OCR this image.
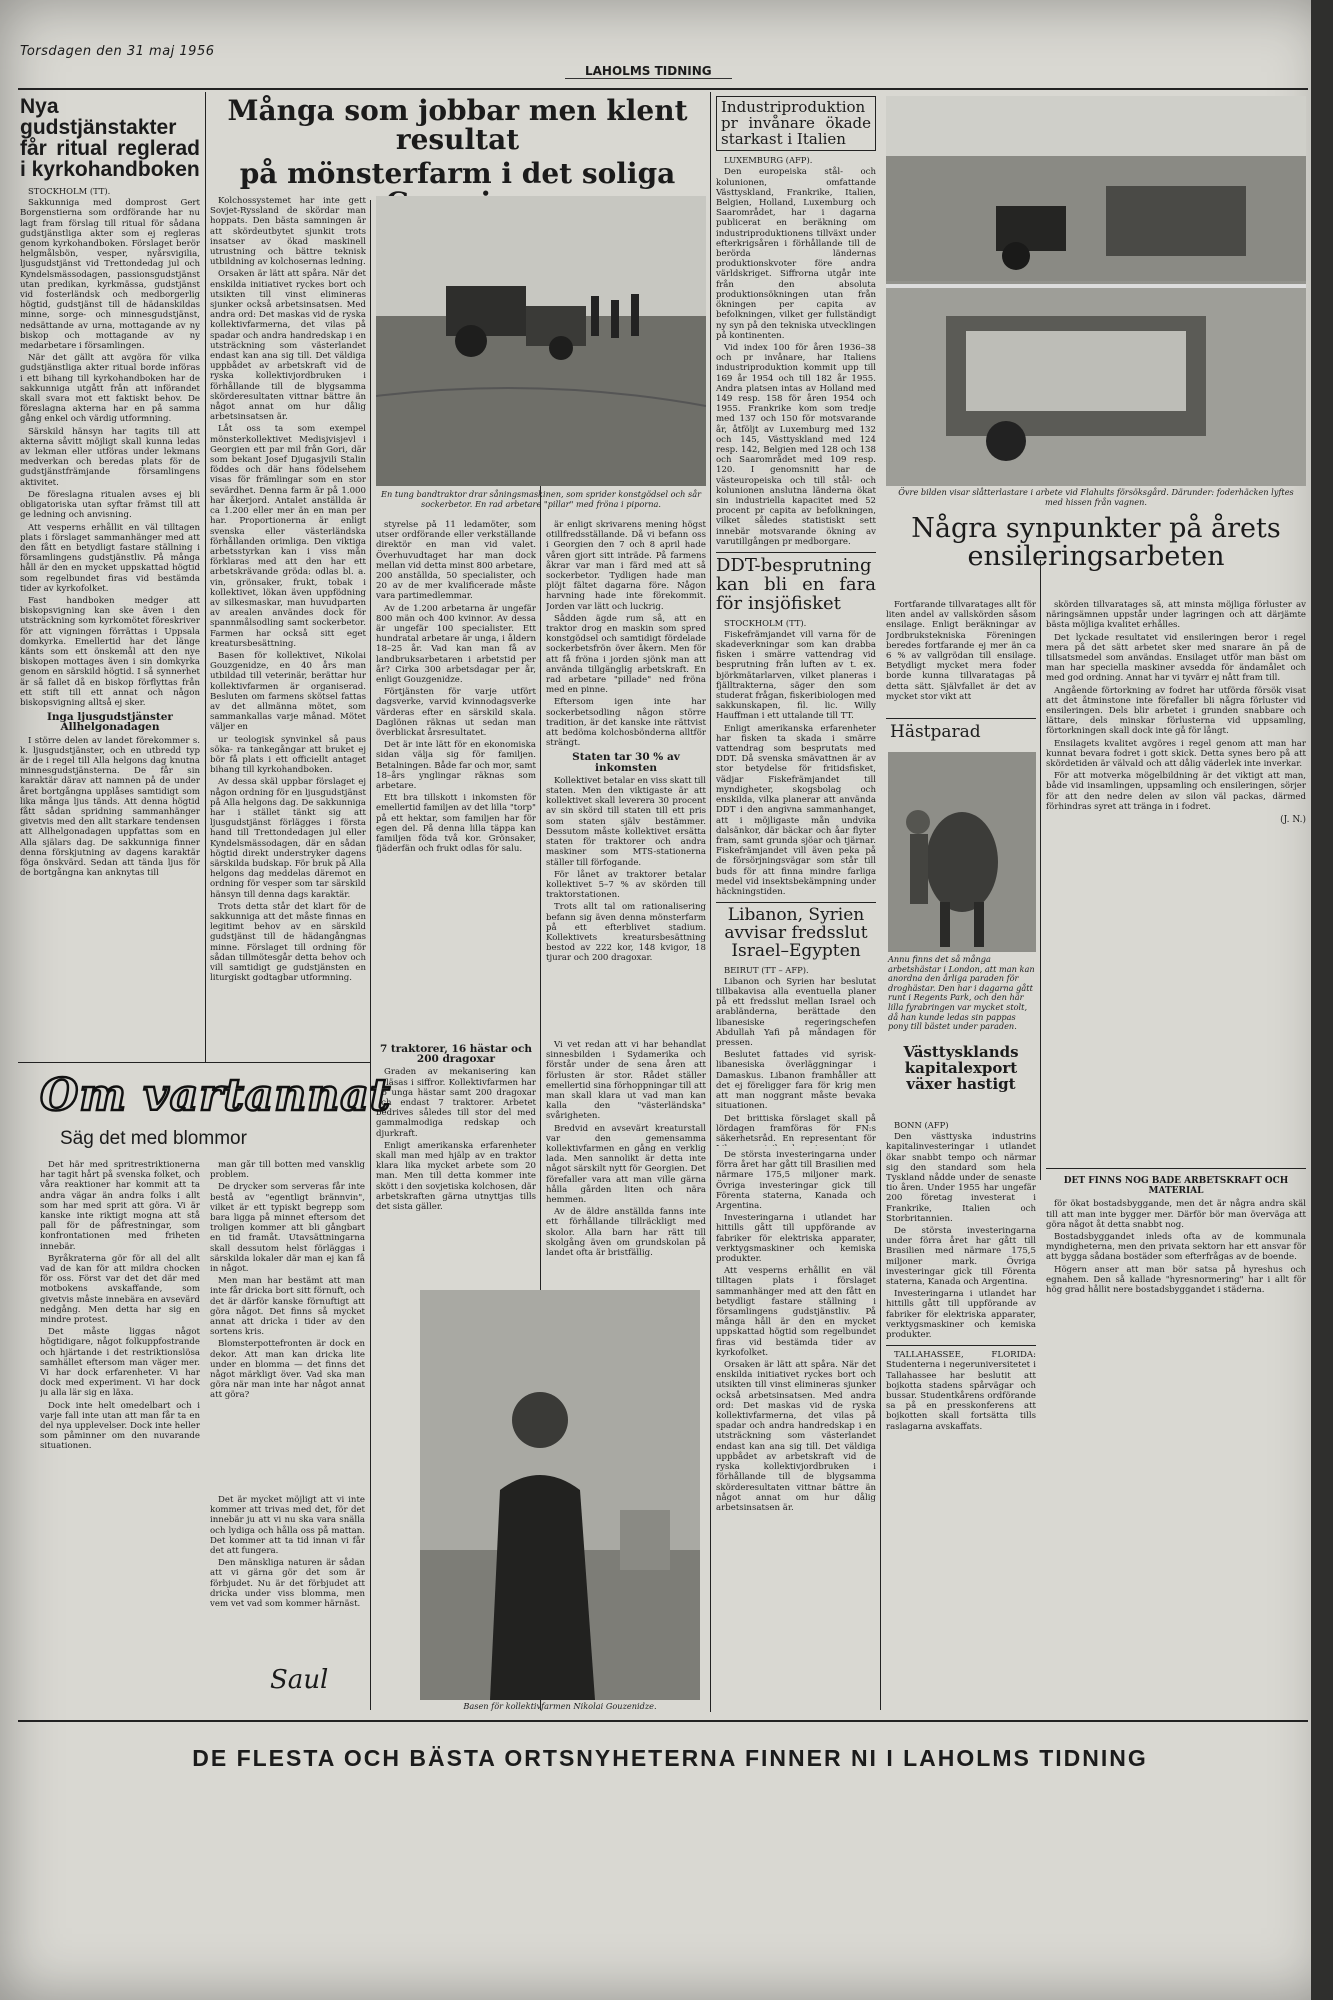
Torsdagen den 31 maj 1956
LAHOLMS TIDNING
Nya gudstjänstakter får ritual reglerad i kyrkohandboken
STOCKHOLM (TT).

Sakkunniga med domprost Gert Borgenstierna som ordförande har nu lagt fram förslag till ritual för sådana gudstjänstliga akter som ej regleras genom kyrkohandboken. Förslaget berör helgmålsbön, vesper, nyårsvigilia, ljusgudstjänst vid Trettondedag jul och Kyndelsmässodagen, passionsgudstjänst utan predikan, kyrkmässa, gudstjänst vid fosterländsk och medborgerlig högtid, gudstjänst till de hädanskildas minne, sorge- och minnesgudstjänst, nedsättande av urna, mottagande av ny biskop och mottagande av ny medarbetare i församlingen.

När det gällt att avgöra för vilka gudstjänstliga akter ritual borde införas i ett bihang till kyrkohandboken har de sakkunniga utgått från att införandet skall svara mot ett faktiskt behov. De föreslagna akterna har en på samma gång enkel och värdig utformning.

Särskild hänsyn har tagits till att akterna såvitt möjligt skall kunna ledas av lekman eller utföras under lekmans medverkan och beredas plats för de gudstjänstfrämjande församlingens aktivitet.

De föreslagna ritualen avses ej bli obligatoriska utan syftar främst till att ge ledning och anvisning.

Att vesperns erhållit en väl tilltagen plats i förslaget sammanhänger med att den fått en betydligt fastare ställning i församlingens gudstjänstliv. På många håll är den en mycket uppskattad högtid som regelbundet firas vid bestämda tider av kyrkofolket.

Fast handboken medger att biskopsvigning kan ske även i den utsträckning som kyrkomötet föreskriver för att vigningen förrättas i Uppsala domkyrka. Emellertid har det länge känts som ett önskemål att den nye biskopen mottages även i sin domkyrka genom en särskild högtid. I så synnerhet är så fallet då en biskop förflyttas från ett stift till ett annat och någon biskopsvigning alltså ej sker.

Inga ljusgudstjänster Allhelgonadagen

I större delen av landet förekommer s. k. ljusgudstjänster, och en utbredd typ är de i regel till Alla helgons dag knutna minnesgudstjänsterna. De får sin karaktär därav att namnen på de under året bortgångna upplåses samtidigt som lika många ljus tänds. Att denna högtid fått sådan spridning sammanhänger givetvis med den allt starkare tendensen att Allhelgonadagen uppfattas som en Alla själars dag. De sakkunniga finner denna förskjutning av dagens karaktär föga önskvärd. Sedan att tända ljus för de bortgångna kan anknytas till

Många som jobbar men klent resultat
på mönsterfarm i det soliga

Kolchossystemet har inte gett Sovjet-Ryssland de skördar man hoppats. Den bästa samningen är att skördeutbytet sjunkit trots insatser av ökad maskinell utrustning och bättre teknisk utbildning av kolchosernas ledning.

Orsaken är lätt att spåra. När det enskilda initiativet ryckes bort och utsikten till vinst elimineras sjunker också arbetsinsatsen. Med andra ord: Det maskas vid de ryska kollektivfarmerna, det vilas på spadar och andra handredskap i en utsträckning som västerlandet endast kan ana sig till. Det väldiga uppbådet av arbetskraft vid de ryska kollektivjordbruken i förhållande till de blygsamma skörderesultaten vittnar bättre än något annat om hur dålig arbetsinsatsen är.

Låt oss ta som exempel mönsterkollektivet Medisjvisjevl i Georgien ett par mil från Gori, där som bekant Josef Djugasjvili Stalin föddes och där hans födelsehem visas för främlingar som en stor sevärdhet. Denna farm är på 1.000 har åkerjord. Antalet anställda är ca 1.200 eller mer än en man per har. Proportionerna är enligt svenska eller västerländska förhållanden orimliga. Den viktiga arbetsstyrkan kan i viss mån förklaras med att den har ett arbetskrävande gröda: odlas bl. a. vin, grönsaker, frukt, tobak i kollektivet, lökan även uppfödning av silkesmaskar, man huvudparten av arealen användes dock för spannmålsodling samt sockerbetor. Farmen har också sitt eget kreatursbesättning.

Basen för kollektivet, Nikolai Gouzgenidze, en 40 års man utbildad till veterinär, berättar hur kollektivfarmen är organiserad. Besluten om farmens skötsel fattas av det allmänna mötet, som sammankallas varje månad. Mötet väljer en

ur teologisk synvinkel så paus söka- ra tankegångar att bruket ej bör få plats i ett officiellt antaget bihang till kyrkohandboken.

Av dessa skäl uppbar förslaget ej någon ordning för en ljusgudstjänst på Alla helgons dag. De sakkunniga har i stället tänkt sig att ljusgudstjänst förlägges i första hand till Trettondedagen jul eller Kyndelsmässodagen, där en sådan högtid direkt understryker dagens särskilda budskap. För bruk på Alla helgons dag meddelas däremot en ordning för vesper som tar särskild hänsyn till denna dags karaktär.

Trots detta står det klart för de sakkunniga att det måste finnas en legitimt behov av en särskild gudstjänst till de hädangångnas minne. Förslaget till ordning för sådan tillmötesgår detta behov och vill samtidigt ge gudstjänsten en liturgiskt godtagbar utformning.

En tung bandtraktor drar såningsmaskinen, som sprider konstgödsel och sår sockerbetor. En rad arbetare "pillar" med fröna i piporna.

styrelse på 11 ledamöter, som utser ordförande eller verkställande direktör en man vid valet. Överhuvudtaget har man dock mellan vid detta minst 800 arbetare, 200 anställda, 50 specialister, och 20 av de mer kvalificerade måste vara partimedlemmar.

Av de 1.200 arbetarna är ungefär 800 män och 400 kvinnor. Av dessa är ungefär 100 specialister. Ett hundratal arbetare är unga, i åldern 18–25 år. Vad kan man få av landbruksarbetaren i arbetstid per år? Cirka 300 arbetsdagar per år, enligt Gouzgenidze.

Förtjänsten för varje utfört dagsverke, varvid kvinnodagsverke värderas efter en särskild skala. Daglönen räknas ut sedan man överblickat årsresultatet.

Det är inte lätt för en ekonomiska sidan välja sig för familjen. Betalningen. Både far och mor, samt 18–års ynglingar räknas som arbetare.

Ett bra tillskott i inkomsten för emellertid familjen av det lilla "torp" på ett hektar, som familjen har för egen del. På denna lilla täppa kan familjen föda två kor. Grönsaker, fjäderfän och frukt odlas för salu.

är enligt skrivarens mening högst otillfredsställande. Då vi befann oss i Georgien den 7 och 8 april hade våren gjort sitt inträde. På farmens åkrar var man i färd med att så sockerbetor. Tydligen hade man plöjt fältet dagarna före. Någon harvning hade inte förekommit. Jorden var lätt och luckrig.

Sådden ägde rum så, att en traktor drog en maskin som spred konstgödsel och samtidigt fördelade sockerbetsfrön över åkern. Men för att få fröna i jorden sjönk man att använda tillgänglig arbetskraft. En rad arbetare "pillade" ned fröna med en pinne.

Eftersom igen inte har sockerbetsodling någon större tradition, är det kanske inte rättvist att bedöma kolchosbönderna alltför strängt.

Staten tar 30 % av inkomsten

Kollektivet betalar en viss skatt till staten. Men den viktigaste är att kollektivet skall leverera 30 procent av sin skörd till staten till ett pris som staten själv bestämmer. Dessutom måste kollektivet ersätta staten för traktorer och andra maskiner som MTS-stationerna ställer till förfogande.

För lånet av traktorer betalar kollektivet 5–7 % av skörden till traktorstationen.

Trots allt tal om rationalisering befann sig även denna mönsterfarm på ett efterblivet stadium. Kollektivets kreatursbesättning bestod av 222 kor, 148 kvigor, 18 tjurar och 200 dragoxar.

7 traktorer, 16 hästar och 200 dragoxar

Graden av mekanisering kan avläsas i siffror. Kollektivfarmen har 16 unga hästar samt 200 dragoxar och endast 7 traktorer. Arbetet bedrives således till stor del med gammalmodiga redskap och djurkraft.

Enligt amerikanska erfarenheter skall man med hjälp av en traktor klara lika mycket arbete som 20 man. Men till detta kommer inte skött i den sovjetiska kolchosen, där arbetskraften gärna utnyttjas tills det sista gäller.

Vi vet redan att vi har behandlat sinnesbilden i Sydamerika och förstår under de sena åren att förlusten är stor. Rådet ställer emellertid sina förhoppningar till att man skall klara ut vad man kan kalla den "västerländska" svårigheten.

Bredvid en avsevärt kreaturstall var den gemensamma kollektivfarmen en gång en verklig lada. Men sannolikt är detta inte något särskilt nytt för Georgien. Det förefaller vara att man ville gärna hålla gården liten och nära hemmen.

Av de äldre anställda fanns inte ett förhållande tillräckligt med skolor. Alla barn har rätt till skolgång även om grundskolan på landet ofta är bristfällig.

Basen för kollektivfarmen Nikolai Gouzenidze.
Om vartannat
Säg det med blommor

Det här med spritrestriktionerna har tagit hårt på svenska folket, och våra reaktioner har kommit att ta andra vägar än andra folks i allt som har med sprit att göra. Vi är kanske inte riktigt mogna att stå pall för de påfrestningar, som konfrontationen med friheten innebär.

Byråkraterna gör för all del allt vad de kan för att mildra chocken för oss. Först var det det där med motbokens avskaffande, som givetvis måste innebära en avsevärd nedgång. Men detta har sig en mindre protest.

Det måste liggas något högtidigare, något folkuppfostrande och hjärtande i det restriktionslösa samhället eftersom man väger mer. Vi har dock erfarenheter. Vi har dock med experiment. Vi har dock ju alla lär sig en läxa.

Dock inte helt omedelbart och i varje fall inte utan att man får ta en del nya upplevelser. Dock inte heller som påminner om den nuvarande situationen.

man går till botten med vansklig problem.

De drycker som serveras får inte bestå av "egentligt brännvin", vilket är ett typiskt begrepp som bara ligga på minnet eftersom det troligen kommer att bli gångbart en tid framåt. Utavsättningarna skall dessutom helst förläggas i särskilda lokaler där man ej kan få in något.

Men man har bestämt att man inte får dricka bort sitt förnuft, och det är därför kanske förnuftigt att göra något. Det finns så mycket annat att dricka i tider av den sortens kris.

Blomsterpottefronten är dock en dekor. Att man kan dricka lite under en blomma — det finns det något märkligt över. Vad ska man göra när man inte har något annat att göra?

Det är mycket möjligt att vi inte kommer att trivas med det, för det innebär ju att vi nu ska vara snälla och lydiga och hålla oss på mattan. Det kommer att ta tid innan vi får det att fungera.

Den mänskliga naturen är sådan att vi gärna gör det som är förbjudet. Nu är det förbjudet att dricka under viss blomma, men vem vet vad som kommer härnäst.

Saul
Industriproduktion pr invånare ökade starkast i Italien
LUXEMBURG (AFP).

Den europeiska stål- och kolunionen, omfattande Västtyskland, Frankrike, Italien, Belgien, Holland, Luxemburg och Saarområdet, har i dagarna publicerat en beräkning om industriproduktionens tillväxt under efterkrigsåren i förhållande till de berörda ländernas produktionskvoter före andra världskriget. Siffrorna utgår inte från den absoluta produktionsökningen utan från ökningen per capita av befolkningen, vilket ger fullständigt ny syn på den tekniska utvecklingen på kontinenten.

Vid index 100 för åren 1936–38 och pr invånare, har Italiens industriproduktion kommit upp till 169 år 1954 och till 182 år 1955. Andra platsen intas av Holland med 149 resp. 158 för åren 1954 och 1955. Frankrike kom som tredje med 137 och 150 för motsvarande år, åtföljt av Luxemburg med 132 och 145, Västtyskland med 124 resp. 142, Belgien med 128 och 138 och Saarområdet med 109 resp. 120. I genomsnitt har de västeuropeiska och till stål- och kolunionen anslutna länderna ökat sin industriella kapacitet med 52 procent pr capita av befolkningen, vilket således statistiskt sett innebär motsvarande ökning av varutillgången pr medborgare.

DDT-besprutning kan bli en fara för insjöfisket
STOCKHOLM (TT).

Fiskefrämjandet vill varna för de skadeverkningar som kan drabba fisken i smärre vattendrag vid besprutning från luften av t. ex. björkmätarlarven, vilket planeras i fjälltrakterna, säger den som studerat frågan, fiskeribiologen med sakkunskapen, fil. lic. Willy Hauffman i ett uttalande till TT.

Enligt amerikanska erfarenheter har fisken ta skada i smärre vattendrag som besprutats med DDT. Då svenska smävattnen är av stor betydelse för fritidsfisket, vädjar Fiskefrämjandet till myndigheter, skogsbolag och enskilda, vilka planerar att använda DDT i den angivna sammanhanget, att i möjligaste mån undvika dalsänkor, där bäckar och åar flyter fram, samt grunda sjöar och tjärnar. Fiskefrämjandet vill även peka på de försörjningsvägar som står till buds för att finna mindre farliga medel vid insektsbekämpning under häckningstiden.

Libanon, Syrien avvisar fredsslut Israel–Egypten
BEIRUT (TT – AFP).

Libanon och Syrien har beslutat tillbakavisa alla eventuella planer på ett fredsslut mellan Israel och arabländerna, berättade den libanesiske regeringschefen Abdullah Yafi på måndagen för pressen.

Beslutet fattades vid syrisk-libanesiska överläggningar i Damaskus. Libanon framhåller att det ej föreligger fara för krig men att man noggrant måste bevaka situationen.

Det brittiska förslaget skall på lördagen framföras för FN:s säkerhetsråd. En representant för

De största investeringarna under förra året har gått till Brasilien med närmare 175,5 miljoner mark. Övriga investeringar gick till Förenta staterna, Kanada och Argentina.

Investeringarna i utlandet har hittills gått till uppförande av fabriker för elektriska apparater, verktygsmaskiner och kemiska produkter.

Att vesperns erhållit en väl tilltagen plats i förslaget sammanhänger med att den fått en betydligt fastare ställning i församlingens gudstjänstliv. På många håll är den en mycket uppskattad högtid som regelbundet firas vid bestämda tider av kyrkofolket.

Orsaken är lätt att spåra. När det enskilda initiativet ryckes bort och utsikten till vinst elimineras sjunker också arbetsinsatsen. Med andra ord: Det maskas vid de ryska kollektivfarmerna, det vilas på spadar och andra handredskap i en utsträckning som västerlandet endast kan ana sig till. Det väldiga uppbådet av arbetskraft vid de ryska kollektivjordbruken i förhållande till de blygsamma skörderesultaten vittnar bättre än något annat om hur dålig arbetsinsatsen är.

Övre bilden visar slåtterlastare i arbete vid Flahults försöksgård. Därunder: foderhäcken lyftes med hissen från vagnen.
Några synpunkter på årets ensileringsarbeten

Fortfarande tillvaratages allt för liten andel av vallskörden såsom ensilage. Enligt beräkningar av Jordbrukstekniska Föreningen beredes fortfarande ej mer än ca 6 % av vallgrödan till ensilage. Betydligt mycket mera foder borde kunna tillvaratagas på detta sätt. Självfallet är det av mycket stor vikt att

Hästparad
Annu finns det så många arbetshästar i London, att man kan anordna den årliga paraden för droghästar. Den har i dagarna gått runt i Regents Park, och den här lilla fyrabringen var mycket stolt, då han kunde ledas sin pappas pony till bästet under paraden.
Västtysklands kapitalexport växer hastigt
BONN (AFP)

Den västtyska industrins kapitalinvesteringar i utlandet ökar snabbt tempo och närmar sig den standard som hela Tyskland nådde under de senaste tio åren. Under 1955 har ungefär 200 företag investerat i Frankrike, Italien och Storbritannien.

De största investeringarna under förra året har gått till Brasilien med närmare 175,5 miljoner mark. Övriga investeringar gick till Förenta staterna, Kanada och Argentina.

Investeringarna i utlandet har hittills gått till uppförande av fabriker för elektriska apparater, verktygsmaskiner och kemiska produkter.

TALLAHASSEE, FLORIDA: Studenterna i negeruniversitetet i Tallahassee har beslutit att bojkotta stadens spårvägar och bussar. Studentkårens ordförande sa på en presskonferens att bojkotten skall fortsätta tills raslagarna avskaffats.

skörden tillvaratages så, att minsta möjliga förluster av näringsämnen uppstår under lagringen och att därjämte bästa möjliga kvalitet erhålles.

Det lyckade resultatet vid ensileringen beror i regel mera på det sätt arbetet sker med snarare än på de tillsatsmedel som användas. Ensilaget utför man bäst om man har speciella maskiner avsedda för ändamålet och med god ordning. Annat har vi tyvärr ej nått fram till.

Angående förtorkning av fodret har utförda försök visat att det åtminstone inte förefaller bli några förluster vid ensileringen. Dels blir arbetet i grunden snabbare och lättare, dels minskar förlusterna vid uppsamling, förtorkningen skall dock inte gå för långt.

Ensilagets kvalitet avgöres i regel genom att man har kunnat bevara fodret i gott skick. Detta synes bero på att skördetiden är välvald och att dålig väderlek inte inverkar.

För att motverka mögelbildning är det viktigt att man, både vid insamlingen, uppsamling och ensileringen, sörjer för att den nedre delen av silon väl packas, därmed förhindras syret att tränga in i fodret.

(J. N.)
DET FINNS NOG BÅDE ARBETSKRAFT OCH MATERIAL

för ökat bostadsbyggande, men det är några andra skäl till att man inte bygger mer. Därför bör man överväga att göra något åt detta snabbt nog.

Bostadsbyggandet inleds ofta av de kommunala myndigheterna, men den privata sektorn har ett ansvar för att bygga sådana bostäder som efterfrågas av de boende.

Högern anser att man bör satsa på hyreshus och egnahem. Den så kallade "hyresnormering" har i allt för hög grad hållit nere bostadsbyggandet i städerna.

DE FLESTA OCH BÄSTA ORTSNYHETERNA FINNER NI I LAHOLMS TIDNING
